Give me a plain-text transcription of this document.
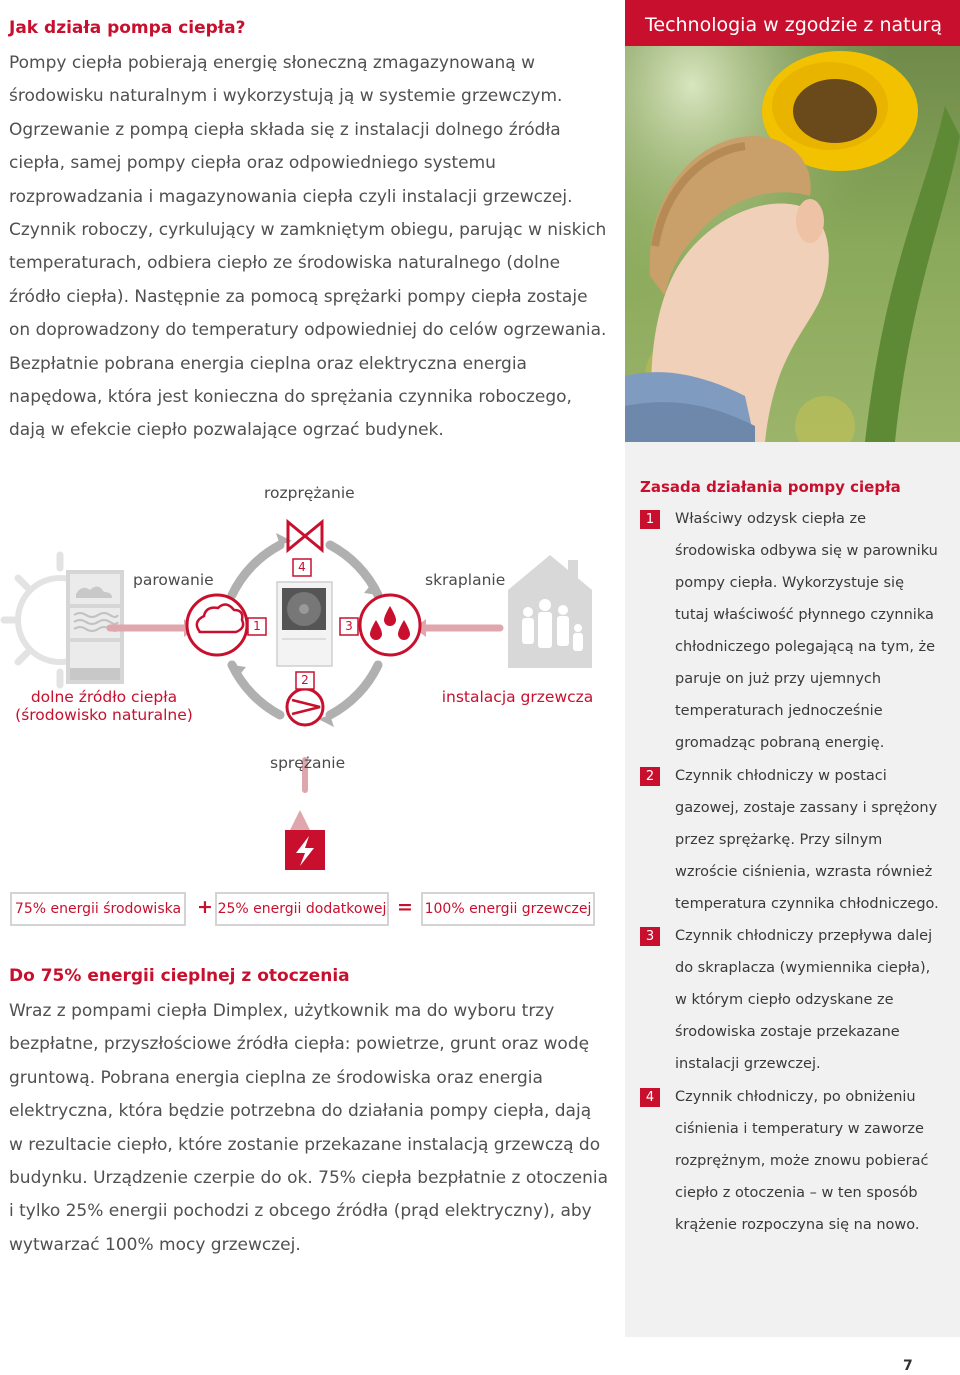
Technologia w zgodzie z naturą
Jak działa pompa ciepła?
Pompy ciepła pobierają energię słoneczną zmagazynowaną w środowisku naturalnym i wykorzystują ją w systemie grzewczym. Ogrzewanie z pompą ciepła składa się z instalacji dolnego źródła ciepła, samej pompy ciepła oraz odpowiedniego systemu rozprowadzania i magazynowania ciepła czyli instalacji grzewczej. Czynnik roboczy, cyrkulujący w zamkniętym obiegu, parując w niskich temperaturach, odbiera ciepło ze środowiska naturalnego (dolne źródło ciepła). Następnie za pomocą sprężarki pompy ciepła zostaje on doprowadzony do temperatury odpowiedniej do celów ogrzewania. Bezpłatnie pobrana energia cieplna oraz elektryczna energia napędowa, która jest konieczna do sprężania czynnika roboczego, dają w efekcie ciepło pozwalające ogrzać budynek.
rozprężanie
parowanie	skraplanie
sprężanie
dolne źródło ciepła
(środowisko naturalne)
instalacja grzewcza
4
1	3
2
75% energii środowiska + 25% energii dodatkowej = 100% energii grzewczej
Do 75% energii cieplnej z otoczenia
Wraz z pompami ciepła Dimplex, użytkownik ma do wyboru trzy bezpłatne, przyszłościowe źródła ciepła: powietrze, grunt oraz wodę gruntową. Pobrana energia cieplna ze środowiska oraz energia elektryczna, która będzie potrzebna do działania pompy ciepła, dają w rezultacie ciepło, które zostanie przekazane instalacją grzewczą do budynku. Urządzenie czerpie do ok. 75% ciepła bezpłatnie z otoczenia i tylko 25% energii pochodzi z obcego źródła (prąd elektryczny), aby wytwarzać 100% mocy grzewczej.
Zasada działania pompy ciepła
1	Właściwy odzysk ciepła ze środowiska odbywa się w parowniku pompy ciepła. Wykorzystuje się tutaj właściwość płynnego czynnika chłodniczego polegającą na tym, że paruje on już przy ujemnych temperaturach jednocześnie gromadząc pobraną energię.
2	Czynnik chłodniczy w postaci gazowej, zostaje zassany i sprężony przez sprężarkę. Przy silnym wzroście ciśnienia, wzrasta również temperatura czynnika chłodniczego.
3	Czynnik chłodniczy przepływa dalej do skraplacza (wymiennika ciepła), w którym ciepło odzyskane ze środowiska zostaje przekazane instalacji grzewczej.
4	Czynnik chłodniczy, po obniżeniu ciśnienia i temperatury w zaworze rozprężnym, może znowu pobierać ciepło z otoczenia – w ten sposób krążenie rozpoczyna się na nowo.
7
